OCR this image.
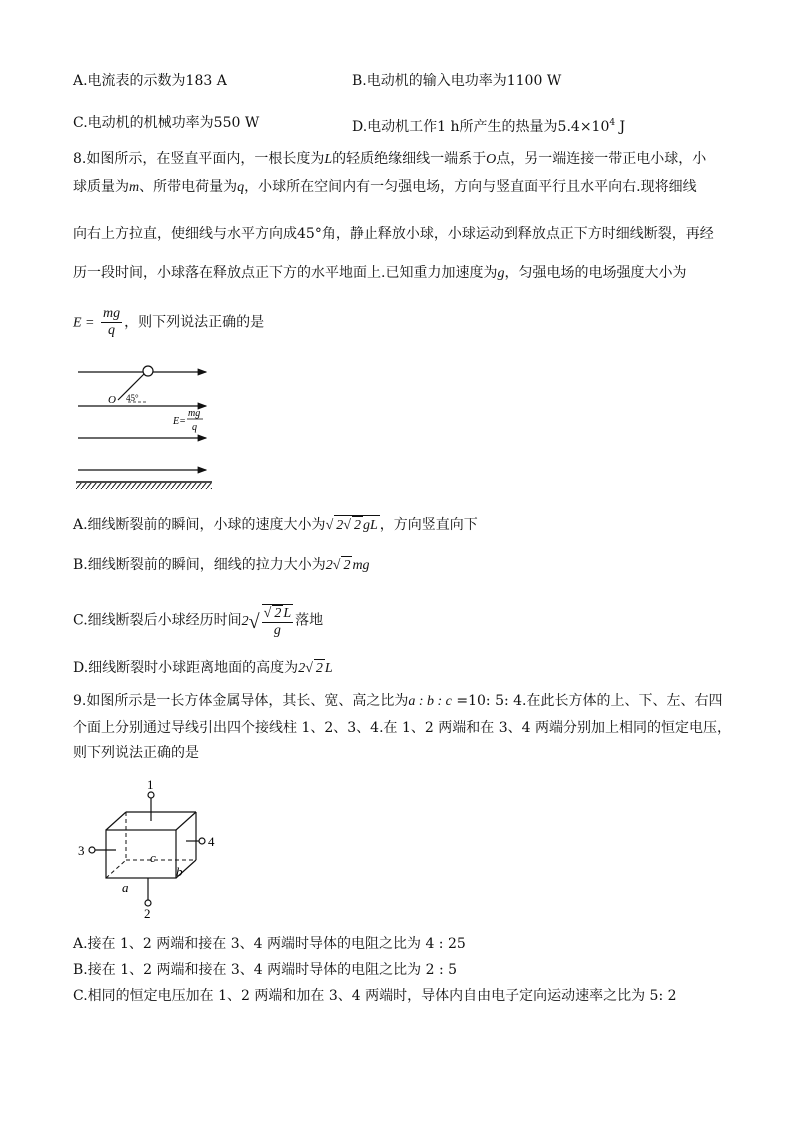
A.电流表的示数为183 A	B.电动机的输入电功率为1100 W
C.电动机的机械功率为550 W	D.电动机工作1 h所产生的热量为$5.4\times 10^4$ J
8.如图所示，在竖直平面内，一根长度为L的轻质绝缘细线一端系于O点，另一端连接一带正电小球，小
球质量为m、所带电荷量为q，小球所在空间内有一匀强电场，方向与竖直面平行且水平向右.现将细线
向右上方拉直，使细线与水平方向成45°角，静止释放小球，小球运动到释放点正下方时细线断裂，再经
历一段时间，小球落在释放点正下方的水平地面上.已知重力加速度为g，匀强电场的电场强度大小为
$E = \frac{mg}{q}$ ，则下列说法正确的是
O 45°
E=
mg
q
A.细线断裂前的瞬间，小球的速度大小为√ 2√ 2 gL ，方向竖直向下
B.细线断裂前的瞬间，细线的拉力大小为2√ 2 mg
C.细线断裂后小球经历时间$2√ \frac{√ 2 L}{g}$ 落地
D.细线断裂时小球距离地面的高度为2√ 2 L
9.如图所示是一长方体金属导体，其长、宽、高之比为a : b : c =10: 5: 4.在此长方体的上、下、左、右四
个面上分别通过导线引出四个接线柱 1、2、3、4.在 1、2 两端和在 3、4 两端分别加上相同的恒定电压，
则下列说法正确的是
1
2
3
4
a
b
c
A.接在 1、2 两端和接在 3、4 两端时导体的电阻之比为 4 : 25
B.接在 1、2 两端和接在 3、4 两端时导体的电阻之比为 2 : 5
C.相同的恒定电压加在 1、2 两端和加在 3、4 两端时，导体内自由电子定向运动速率之比为 5: 2
